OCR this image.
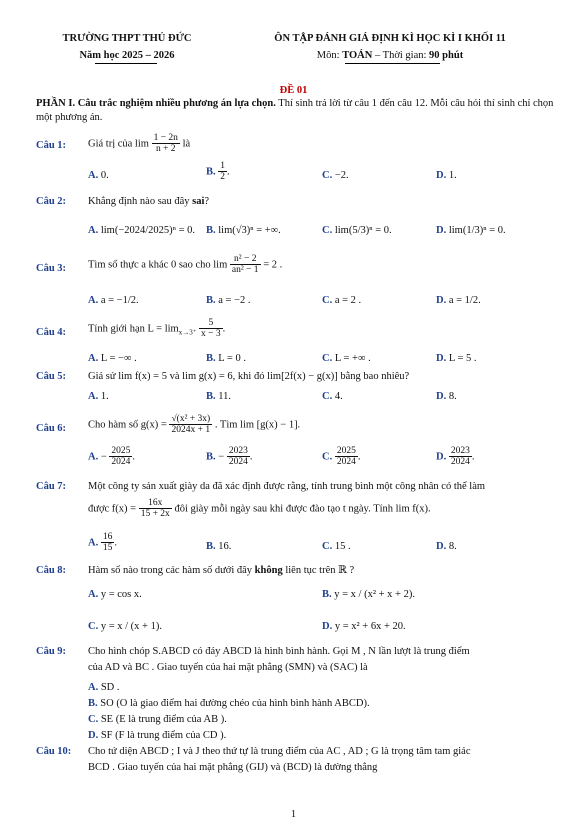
TRƯỜNG THPT THỦ ĐỨC
Năm học 2025 – 2026
ÔN TẬP ĐÁNH GIÁ ĐỊNH KÌ HỌC KÌ I KHỐI 11
Môn: TOÁN – Thời gian: 90 phút
ĐỀ 01
PHẦN I. Câu trắc nghiệm nhiều phương án lựa chọn. Thí sinh trả lời từ câu 1 đến câu 12. Mỗi câu hỏi thí sinh chỉ chọn một phương án.
Câu 1: Giá trị của $\lim \frac{1 - 2n}{n + 2}$ là
A. 0.	B. $\frac{1}{2}$ .	C. −2.	D. 1.
Câu 2: Khẳng định nào sau đây sai?
A. lim(−2024/2025)ⁿ = 0. B. lim(√3)ⁿ = +∞.	C. lim(5/3)ⁿ = 0.	D. lim(1/3)ⁿ = 0.
Câu 3: Tìm số thực a khác 0 sao cho $\lim \frac{\text{n² − 2}}{\text{an² − 1}} = 2$ .
A. a = −1/2.	B. a = −2 .	C. a = 2 .	D. a = 1/2.
Câu 4: Tính giới hạn $L = \lim_{x\to 3^+} \frac{5}{x - 3}$ .
A. L = −∞ .	B. L = 0 .	C. L = +∞ .	D. L = 5 .
Câu 5: Giả sử lim f(x) = 5 và lim g(x) = 6, khi đó lim[2f(x) − g(x)] bằng bao nhiêu?
A. 1.	B. 11.	C. 4.	D. 8.
Câu 6: Cho hàm số $g(x) = \frac{\text{√(x² + 3x)}}{2024x + 1}$ . Tìm lim [g(x) − 1].
A. − $\frac{2025}{2024}$ .	B. − $\frac{2023}{2024}$ .	C. $\frac{2025}{2024}$ .	D. $\frac{2023}{2024}$ .
Câu 7: Một công ty sản xuất giày da đã xác định được rằng, tính trung bình một công nhân có thể làm
được $f(x) = \frac{16x}{15 + 2x}$ đôi giày mỗi ngày sau khi được đào tạo t ngày. Tính lim f(x).
A. $\frac{16}{15}$ .	B. 16.	C. 15 .	D. 8.
Câu 8: Hàm số nào trong các hàm số dưới đây không liên tục trên ℝ ?
A. y = cos x.	B. y = x / (x² + x + 2).
C. y = x / (x + 1).	D. y = x² + 6x + 20.
Câu 9: Cho hình chóp S.ABCD có đáy ABCD là hình bình hành. Gọi M , N lần lượt là trung điểm
của AD và BC . Giao tuyến của hai mặt phẳng (SMN) và (SAC) là
A. SD .
B. SO (O là giao điểm hai đường chéo của hình bình hành ABCD).
C. SE (E là trung điểm của AB ).
D. SF (F là trung điểm của CD ).
Câu 10: Cho tứ diện ABCD ; I và J theo thứ tự là trung điểm của AC , AD ; G là trọng tâm tam giác
BCD . Giao tuyến của hai mặt phẳng (GIJ) và (BCD) là đường thẳng
1
